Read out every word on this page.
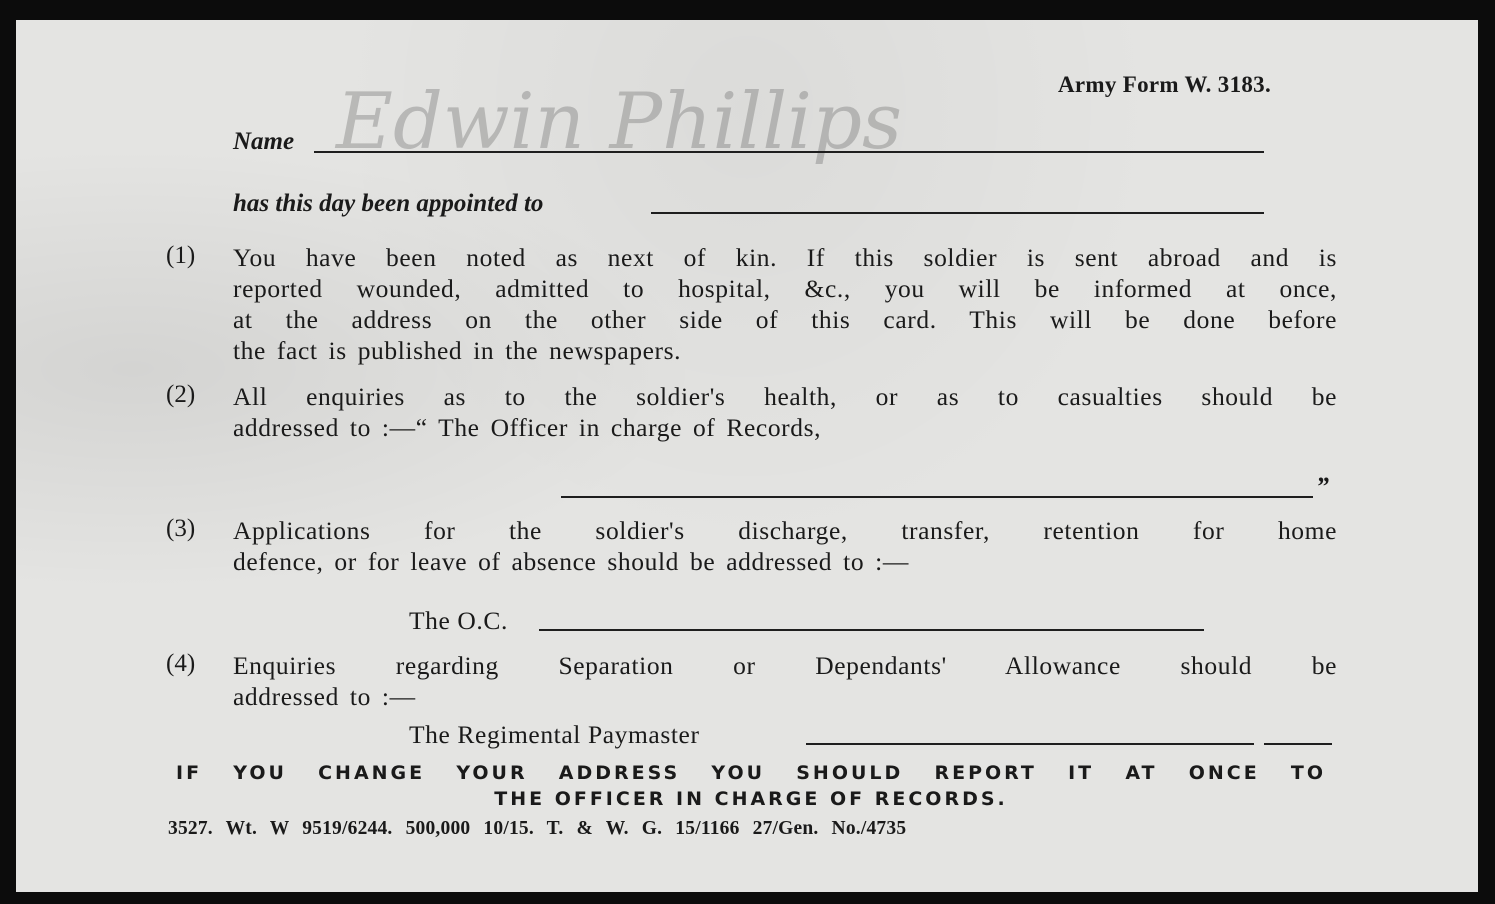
Army Form W. 3183.
Edwin Phillips
Name
has this day been appointed to
(1) You have been noted as next of kin. If this soldier is sent abroad and is
reported wounded, admitted to hospital, &c., you will be informed at once,
at the address on the other side of this card. This will be done before
the fact is published in the newspapers.
(2) All enquiries as to the soldier's health, or as to casualties should be
addressed to :—“ The Officer in charge of Records,
”
(3) Applications for the soldier's discharge, transfer, retention for home
defence, or for leave of absence should be addressed to :—
The O.C.
(4) Enquiries regarding Separation or Dependants' Allowance should be
addressed to :—
The Regimental Paymaster
IF YOU CHANGE YOUR ADDRESS YOU SHOULD REPORT IT AT ONCE TO
THE OFFICER IN CHARGE OF RECORDS.
3527. Wt. W 9519/6244. 500,000 10/15. T. & W. G. 15/1166 27/Gen. No./4735
